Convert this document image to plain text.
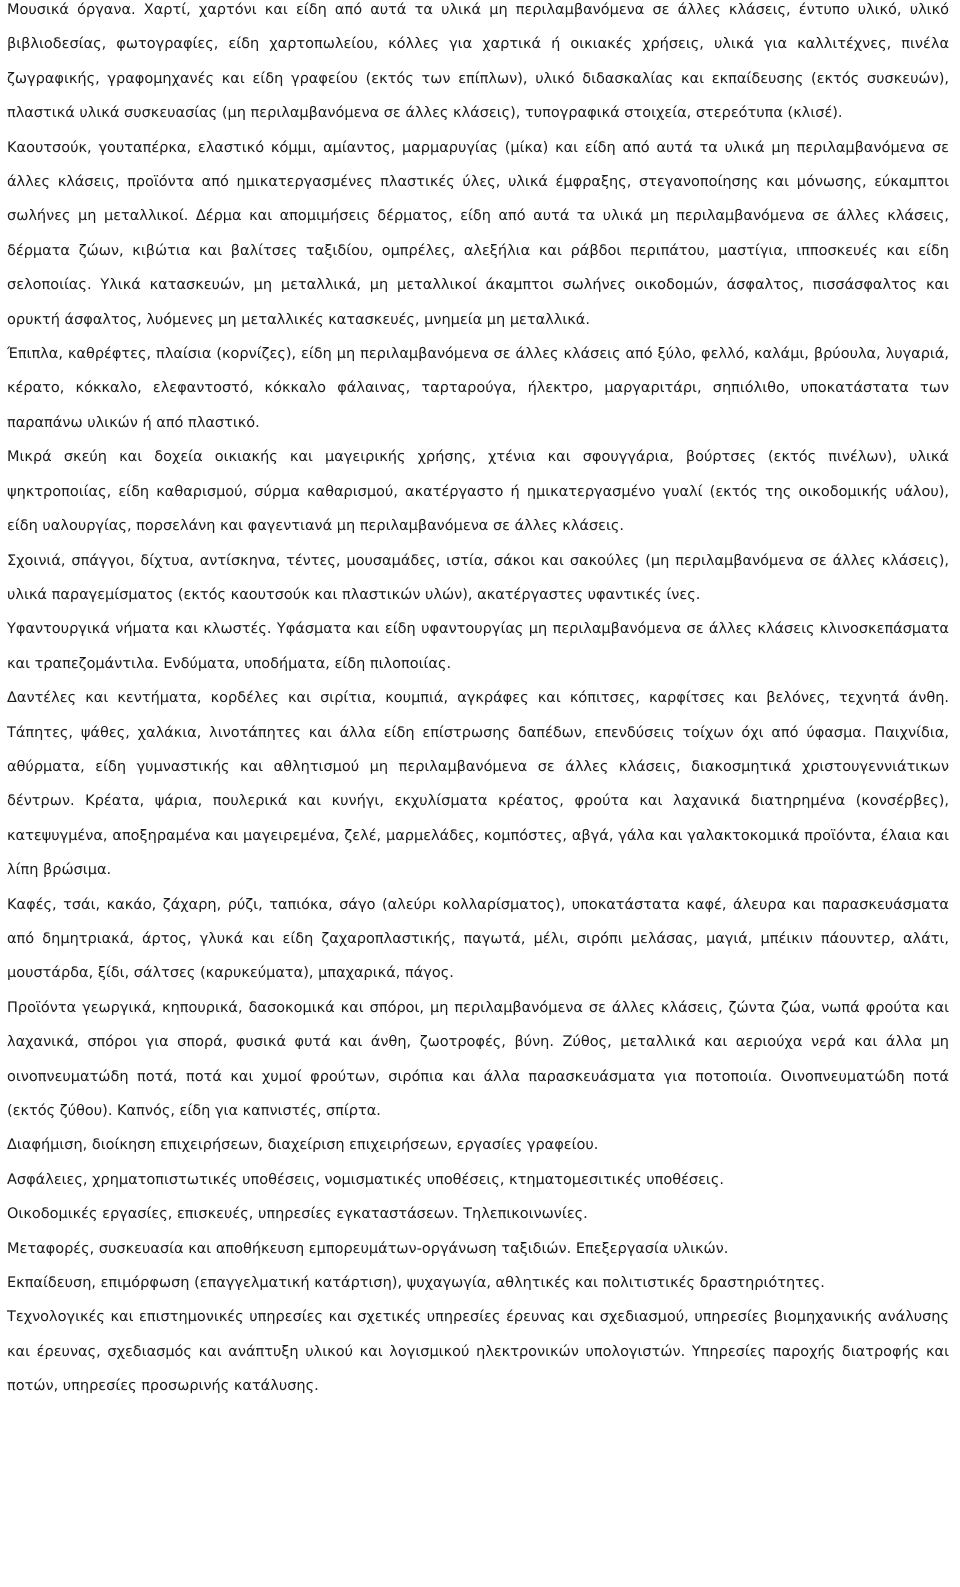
Μουσικά όργανα. Χαρτί, χαρτόνι και είδη από αυτά τα υλικά μη περιλαμβανόμενα σε άλλες κλάσεις, έντυπο υλικό, υλικό βιβλιοδεσίας, φωτογραφίες, είδη χαρτοπωλείου, κόλλες για χαρτικά ή οικιακές χρήσεις, υλικά για καλλιτέχνες, πινέλα ζωγραφικής, γραφομηχανές και είδη γραφείου (εκτός των επίπλων), υλικό διδασκαλίας και εκπαίδευσης (εκτός συσκευών), πλαστικά υλικά συσκευασίας (μη περιλαμβανόμενα σε άλλες κλάσεις), τυπογραφικά στοιχεία, στερεότυπα (κλισέ).

Καουτσούκ, γουταπέρκα, ελαστικό κόμμι, αμίαντος, μαρμαρυγίας (μίκα) και είδη από αυτά τα υλικά μη περιλαμβανόμενα σε άλλες κλάσεις, προϊόντα από ημικατεργασμένες πλαστικές ύλες, υλικά έμφραξης, στεγανοποίησης και μόνωσης, εύκαμπτοι σωλήνες μη μεταλλικοί. Δέρμα και απομιμήσεις δέρματος, είδη από αυτά τα υλικά μη περιλαμβανόμενα σε άλλες κλάσεις, δέρματα ζώων, κιβώτια και βαλίτσες ταξιδίου, ομπρέλες, αλεξήλια και ράβδοι περιπάτου, μαστίγια, ιπποσκευές και είδη σελοποιίας. Υλικά κατασκευών, μη μεταλλικά, μη μεταλλικοί άκαμπτοι σωλήνες οικοδομών, άσφαλτος, πισσάσφαλτος και ορυκτή άσφαλτος, λυόμενες μη μεταλλικές κατασκευές, μνημεία μη μεταλλικά.

Έπιπλα, καθρέφτες, πλαίσια (κορνίζες), είδη μη περιλαμβανόμενα σε άλλες κλάσεις από ξύλο, φελλό, καλάμι, βρύουλα, λυγαριά, κέρατο, κόκκαλο, ελεφαντοστό, κόκκαλο φάλαινας, ταρταρούγα, ήλεκτρο, μαργαριτάρι, σηπιόλιθο, υποκατάστατα των παραπάνω υλικών ή από πλαστικό.

Μικρά σκεύη και δοχεία οικιακής και μαγειρικής χρήσης, χτένια και σφουγγάρια, βούρτσες (εκτός πινέλων), υλικά ψηκτροποιίας, είδη καθαρισμού, σύρμα καθαρισμού, ακατέργαστο ή ημικατεργασμένο γυαλί (εκτός της οικοδομικής υάλου), είδη υαλουργίας, πορσελάνη και φαγεντιανά μη περιλαμβανόμενα σε άλλες κλάσεις.

Σχοινιά, σπάγγοι, δίχτυα, αντίσκηνα, τέντες, μουσαμάδες, ιστία, σάκοι και σακούλες (μη περιλαμβανόμενα σε άλλες κλάσεις), υλικά παραγεμίσματος (εκτός καουτσούκ και πλαστικών υλών), ακατέργαστες υφαντικές ίνες.

Υφαντουργικά νήματα και κλωστές. Υφάσματα και είδη υφαντουργίας μη περιλαμβανόμενα σε άλλες κλάσεις κλινοσκεπάσματα και τραπεζομάντιλα. Ενδύματα, υποδήματα, είδη πιλοποιίας.

Δαντέλες και κεντήματα, κορδέλες και σιρίτια, κουμπιά, αγκράφες και κόπιτσες, καρφίτσες και βελόνες, τεχνητά άνθη. Τάπητες, ψάθες, χαλάκια, λινοτάπητες και άλλα είδη επίστρωσης δαπέδων, επενδύσεις τοίχων όχι από ύφασμα. Παιχνίδια, αθύρματα, είδη γυμναστικής και αθλητισμού μη περιλαμβανόμενα σε άλλες κλάσεις, διακοσμητικά χριστουγεννιάτικων δέντρων. Κρέατα, ψάρια, πουλερικά και κυνήγι, εκχυλίσματα κρέατος, φρούτα και λαχανικά διατηρημένα (κονσέρβες), κατεψυγμένα, αποξηραμένα και μαγειρεμένα, ζελέ, μαρμελάδες, κομπόστες, αβγά, γάλα και γαλακτοκομικά προϊόντα, έλαια και λίπη βρώσιμα.

Καφές, τσάι, κακάο, ζάχαρη, ρύζι, ταπιόκα, σάγο (αλεύρι κολλαρίσματος), υποκατάστατα καφέ, άλευρα και παρασκευάσματα από δημητριακά, άρτος, γλυκά και είδη ζαχαροπλαστικής, παγωτά, μέλι, σιρόπι μελάσας, μαγιά, μπέικιν πάουντερ, αλάτι, μουστάρδα, ξίδι, σάλτσες (καρυκεύματα), μπαχαρικά, πάγος.

Προϊόντα γεωργικά, κηπουρικά, δασοκομικά και σπόροι, μη περιλαμβανόμενα σε άλλες κλάσεις, ζώντα ζώα, νωπά φρούτα και λαχανικά, σπόροι για σπορά, φυσικά φυτά και άνθη, ζωοτροφές, βύνη. Ζύθος, μεταλλικά και αεριούχα νερά και άλλα μη οινοπνευματώδη ποτά, ποτά και χυμοί φρούτων, σιρόπια και άλλα παρασκευάσματα για ποτοποιία. Οινοπνευματώδη ποτά (εκτός ζύθου). Καπνός, είδη για καπνιστές, σπίρτα.

Διαφήμιση, διοίκηση επιχειρήσεων, διαχείριση επιχειρήσεων, εργασίες γραφείου.

Ασφάλειες, χρηματοπιστωτικές υποθέσεις, νομισματικές υποθέσεις, κτηματομεσιτικές υποθέσεις.

Οικοδομικές εργασίες, επισκευές, υπηρεσίες εγκαταστάσεων. Τηλεπικοινωνίες.

Μεταφορές, συσκευασία και αποθήκευση εμπορευμάτων-οργάνωση ταξιδιών. Επεξεργασία υλικών.

Εκπαίδευση, επιμόρφωση (επαγγελματική κατάρτιση), ψυχαγωγία, αθλητικές και πολιτιστικές δραστηριότητες.

Τεχνολογικές και επιστημονικές υπηρεσίες και σχετικές υπηρεσίες έρευνας και σχεδιασμού, υπηρεσίες βιομηχανικής ανάλυσης και έρευνας, σχεδιασμός και ανάπτυξη υλικού και λογισμικού ηλεκτρονικών υπολογιστών. Υπηρεσίες παροχής διατροφής και ποτών, υπηρεσίες προσωρινής κατάλυσης.
